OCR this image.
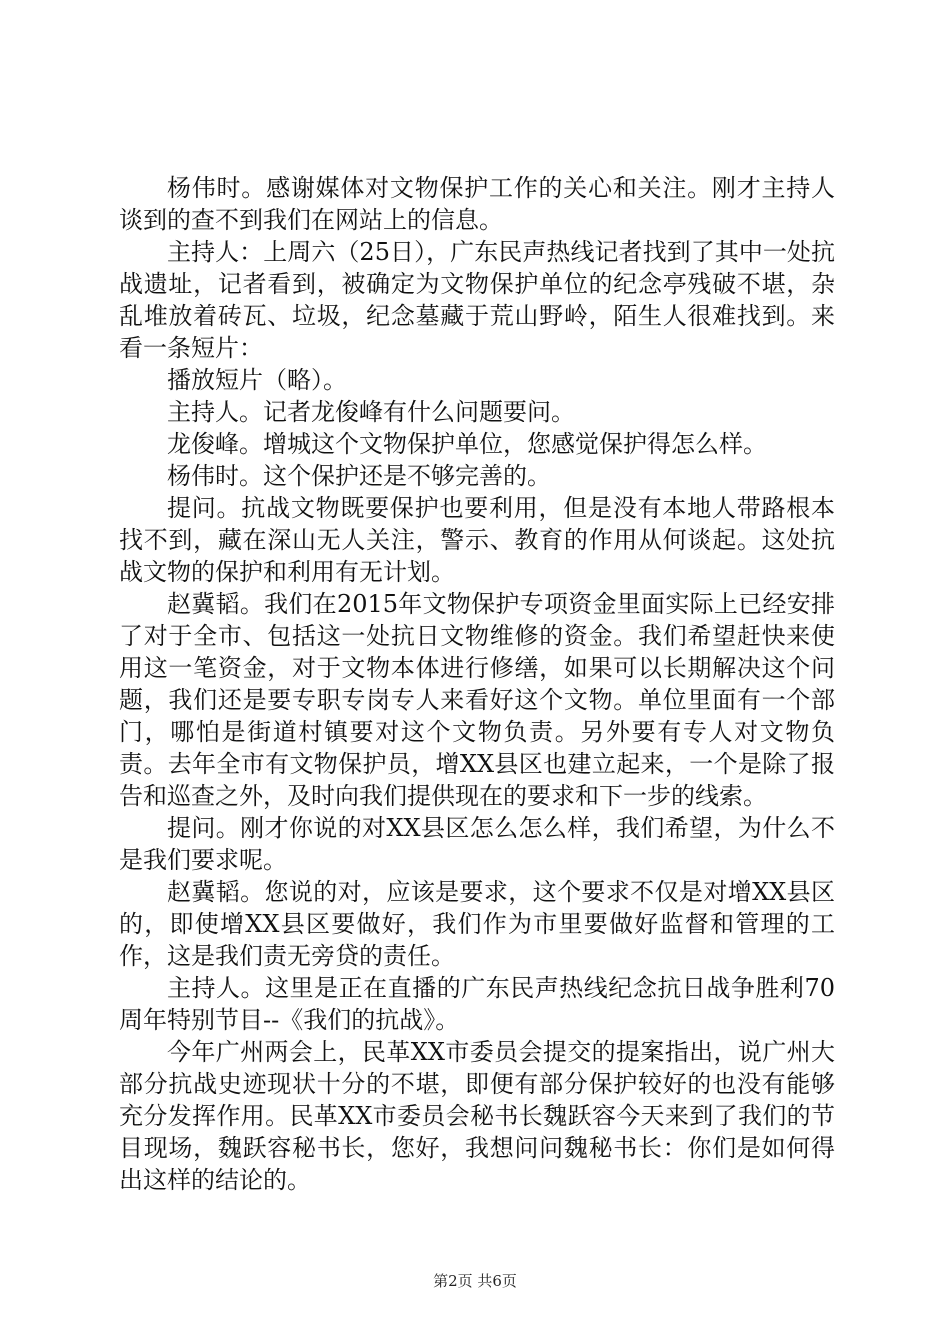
杨伟时。感谢媒体对文物保护工作的关心和关注。刚才主持人谈到的查不到我们在网站上的信息。

主持人：上周六（25日），广东民声热线记者找到了其中一处抗战遗址，记者看到，被确定为文物保护单位的纪念亭残破不堪，杂乱堆放着砖瓦、垃圾，纪念墓藏于荒山野岭，陌生人很难找到。来看一条短片：

播放短片（略）。

主持人。记者龙俊峰有什么问题要问。

龙俊峰。增城这个文物保护单位，您感觉保护得怎么样。

杨伟时。这个保护还是不够完善的。

提问。抗战文物既要保护也要利用，但是没有本地人带路根本找不到，藏在深山无人关注，警示、教育的作用从何谈起。这处抗战文物的保护和利用有无计划。

赵冀韬。我们在2015年文物保护专项资金里面实际上已经安排了对于全市、包括这一处抗日文物维修的资金。我们希望赶快来使用这一笔资金，对于文物本体进行修缮，如果可以长期解决这个问题，我们还是要专职专岗专人来看好这个文物。单位里面有一个部门，哪怕是街道村镇要对这个文物负责。另外要有专人对文物负责。去年全市有文物保护员，增XX县区也建立起来，一个是除了报告和巡查之外，及时向我们提供现在的要求和下一步的线索。

提问。刚才你说的对XX县区怎么怎么样，我们希望，为什么不是我们要求呢。

赵冀韬。您说的对，应该是要求，这个要求不仅是对增XX县区的，即使增XX县区要做好，我们作为市里要做好监督和管理的工作，这是我们责无旁贷的责任。

主持人。这里是正在直播的广东民声热线纪念抗日战争胜利70周年特别节目--《我们的抗战》。

今年广州两会上，民革XX市委员会提交的提案指出，说广州大部分抗战史迹现状十分的不堪，即便有部分保护较好的也没有能够充分发挥作用。民革XX市委员会秘书长魏跃容今天来到了我们的节目现场，魏跃容秘书长，您好，我想问问魏秘书长：你们是如何得出这样的结论的。

第2页 共6页
